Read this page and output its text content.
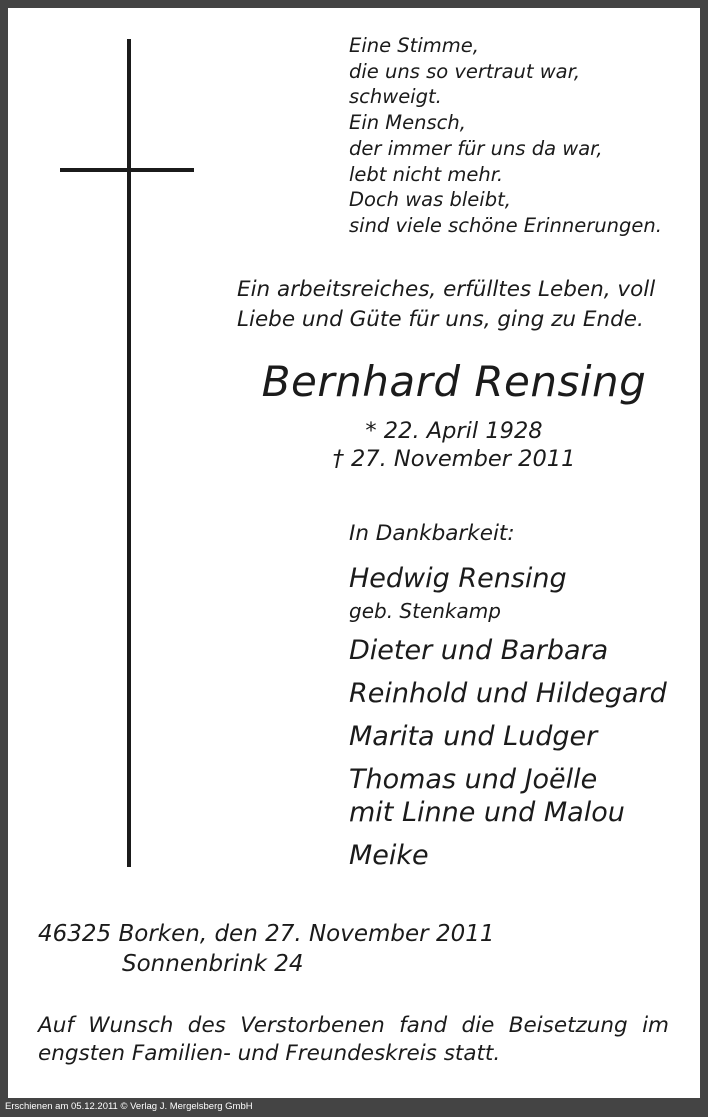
Eine Stimme,
die uns so vertraut war,
schweigt.
Ein Mensch,
der immer für uns da war,
lebt nicht mehr.
Doch was bleibt,
sind viele schöne Erinnerungen.
Ein arbeitsreiches, erfülltes Leben, voll
Liebe und Güte für uns, ging zu Ende.
Bernhard Rensing
* 22. April 1928
† 27. November 2011
In Dankbarkeit:
Hedwig Rensing
geb. Stenkamp
Dieter und Barbara
Reinhold und Hildegard
Marita und Ludger
Thomas und Joëlle
mit Linne und Malou
Meike
46325 Borken, den 27. November 2011
Sonnenbrink 24
Auf Wunsch des Verstorbenen fand die Beisetzung im engsten Familien- und Freundeskreis statt.
Erschienen am 05.12.2011 © Verlag J. Mergelsberg GmbH
